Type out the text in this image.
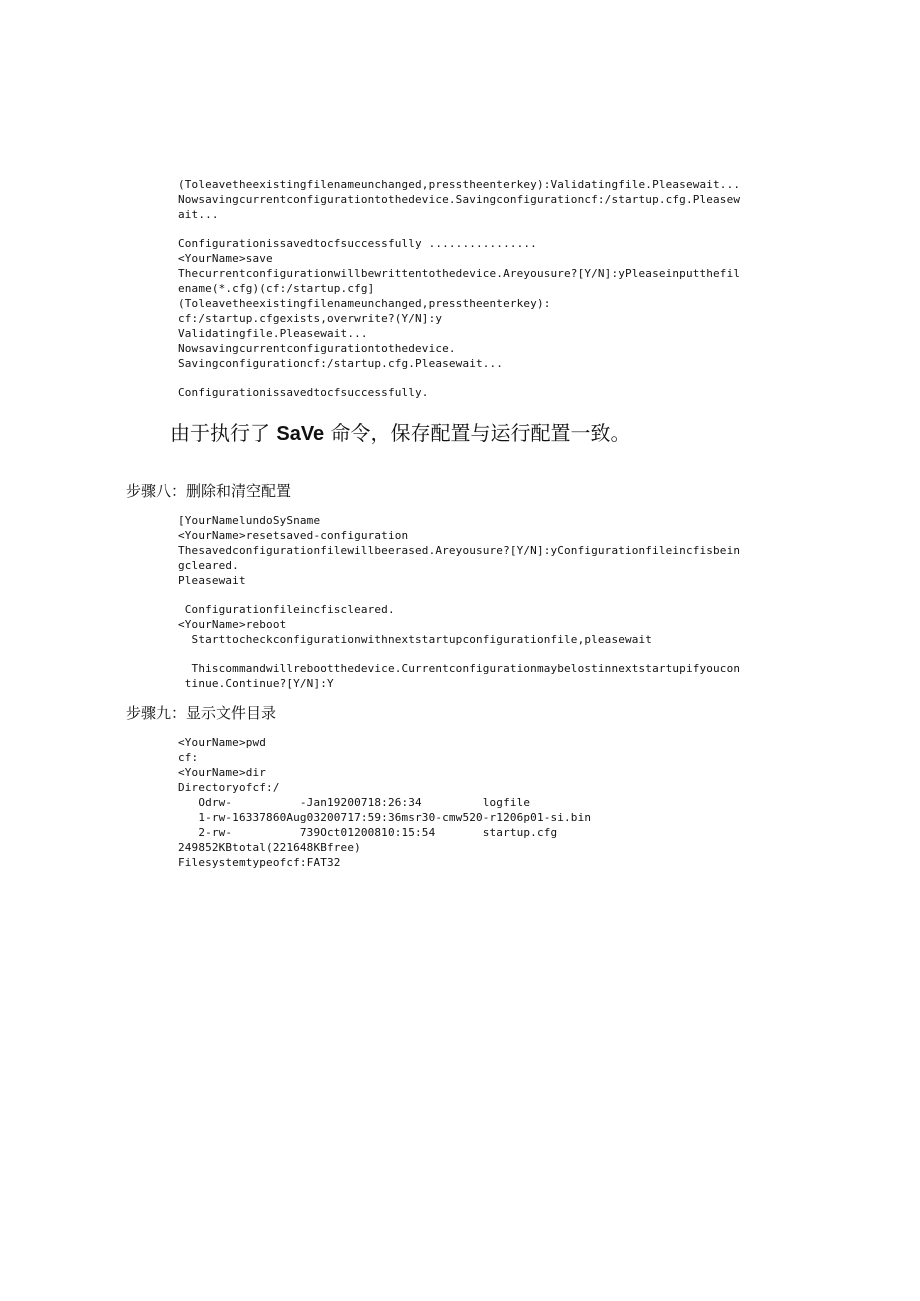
(Toleavetheexistingfilenameunchanged,presstheenterkey):Validatingfile.Pleasewait...
Nowsavingcurrentconfigurationtothedevice.Savingconfigurationcf:/startup.cfg.Pleasew
ait...
Configurationissavedtocfsuccessfully ................
<YourName>save
Thecurrentconfigurationwillbewrittentothedevice.Areyousure?[Y/N]:yPleaseinputthefil
ename(*.cfg)(cf:/startup.cfg]
(Toleavetheexistingfilenameunchanged,presstheenterkey):
cf:/startup.cfgexists,overwrite?(Y/N]:y
Validatingfile.Pleasewait...
Nowsavingcurrentconfigurationtothedevice.
Savingconfigurationcf:/startup.cfg.Pleasewait...
Configurationissavedtocfsuccessfully.
由于执行了 SaVe 命令，保存配置与运行配置一致。
步骤八：删除和清空配置
[YourNamelundoSySname
<YourName>resetsaved-configuration
Thesavedconfigurationfilewillbeerased.Areyousure?[Y/N]:yConfigurationfileincfisbein
gcleared.
Pleasewait
Configurationfileincfiscleared.
<YourName>reboot
Starttocheckconfigurationwithnextstartupconfigurationfile,pleasewait
Thiscommandwillrebootthedevice.Currentconfigurationmaybelostinnextstartupifyoucon
tinue.Continue?[Y/N]:Y
步骤九：显示文件目录
<YourName>pwd
cf:
<YourName>dir
Directoryofcf:/
Odrw-          -Jan19200718:26:34         logfile
1-rw-16337860Aug03200717:59:36msr30-cmw520-r1206p01-si.bin
2-rw-          739Oct01200810:15:54       startup.cfg
249852KBtotal(221648KBfree)
Filesystemtypeofcf:FAT32
